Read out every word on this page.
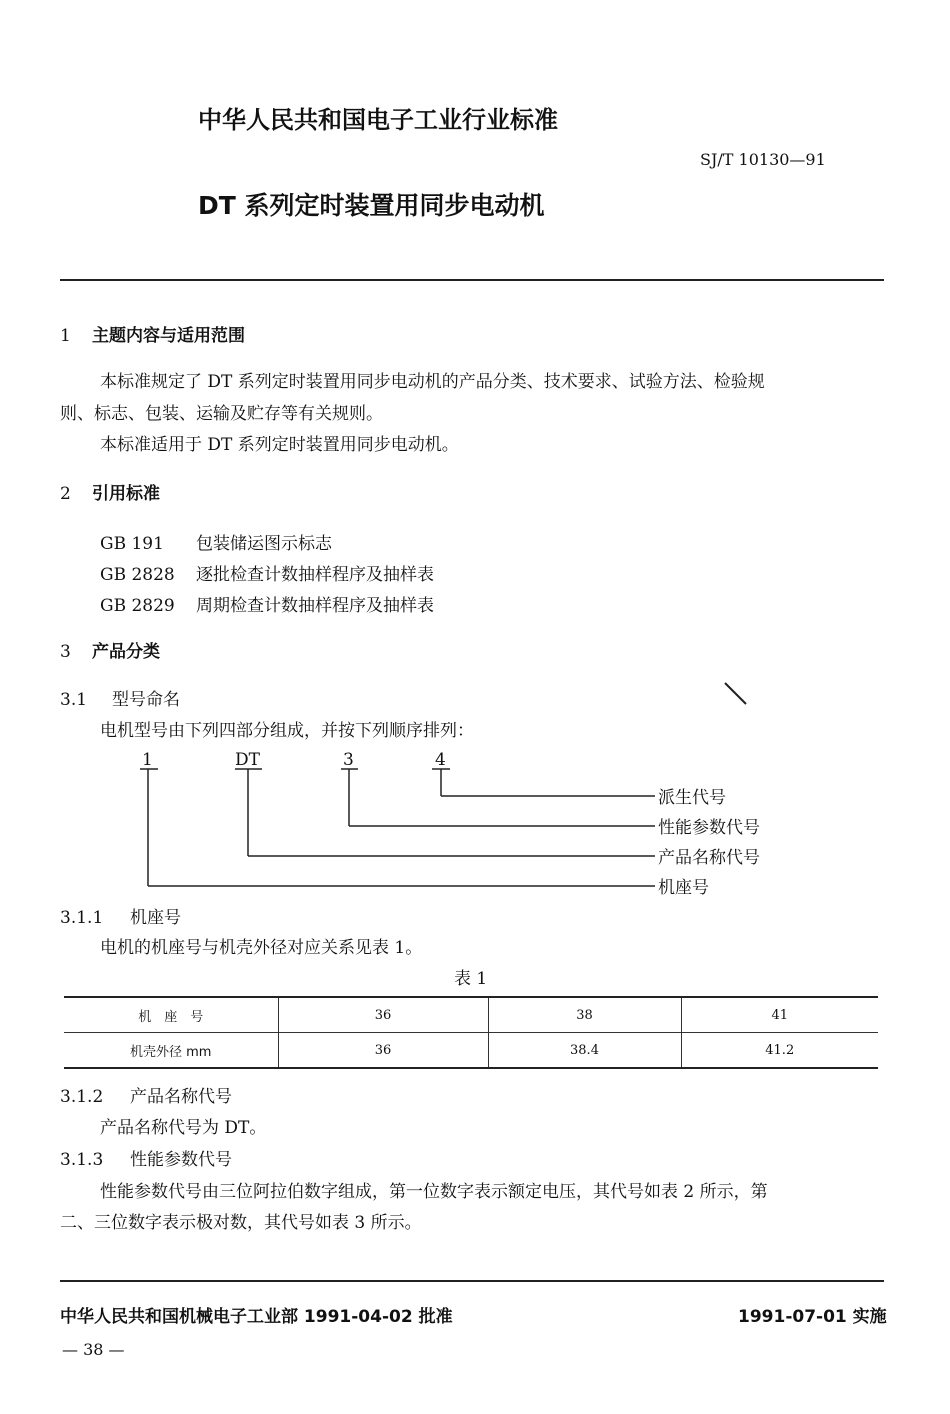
中华人民共和国电子工业行业标准
SJ/T 10130—91
DT 系列定时装置用同步电动机
1 主题内容与适用范围
本标准规定了 DT 系列定时装置用同步电动机的产品分类、技术要求、试验方法、检验规
则、标志、包装、运输及贮存等有关规则。
本标准适用于 DT 系列定时装置用同步电动机。
2 引用标准
GB 191 包装储运图示标志
GB 2828 逐批检查计数抽样程序及抽样表
GB 2829 周期检查计数抽样程序及抽样表
3 产品分类
3.1 型号命名
电机型号由下列四部分组成，并按下列顺序排列：
1	DT	3	4
派生代号
性能参数代号
产品名称代号
机座号
3.1.1 机座号
电机的机座号与机壳外径对应关系见表 1。
表 1
机　座　号	36	38	41
机壳外径 mm	36	38.4	41.2
3.1.2 产品名称代号
产品名称代号为 DT。
3.1.3 性能参数代号
性能参数代号由三位阿拉伯数字组成，第一位数字表示额定电压，其代号如表 2 所示，第
二、三位数字表示极对数，其代号如表 3 所示。
中华人民共和国机械电子工业部 1991-04-02 批准	1991-07-01 实施
— 38 —
